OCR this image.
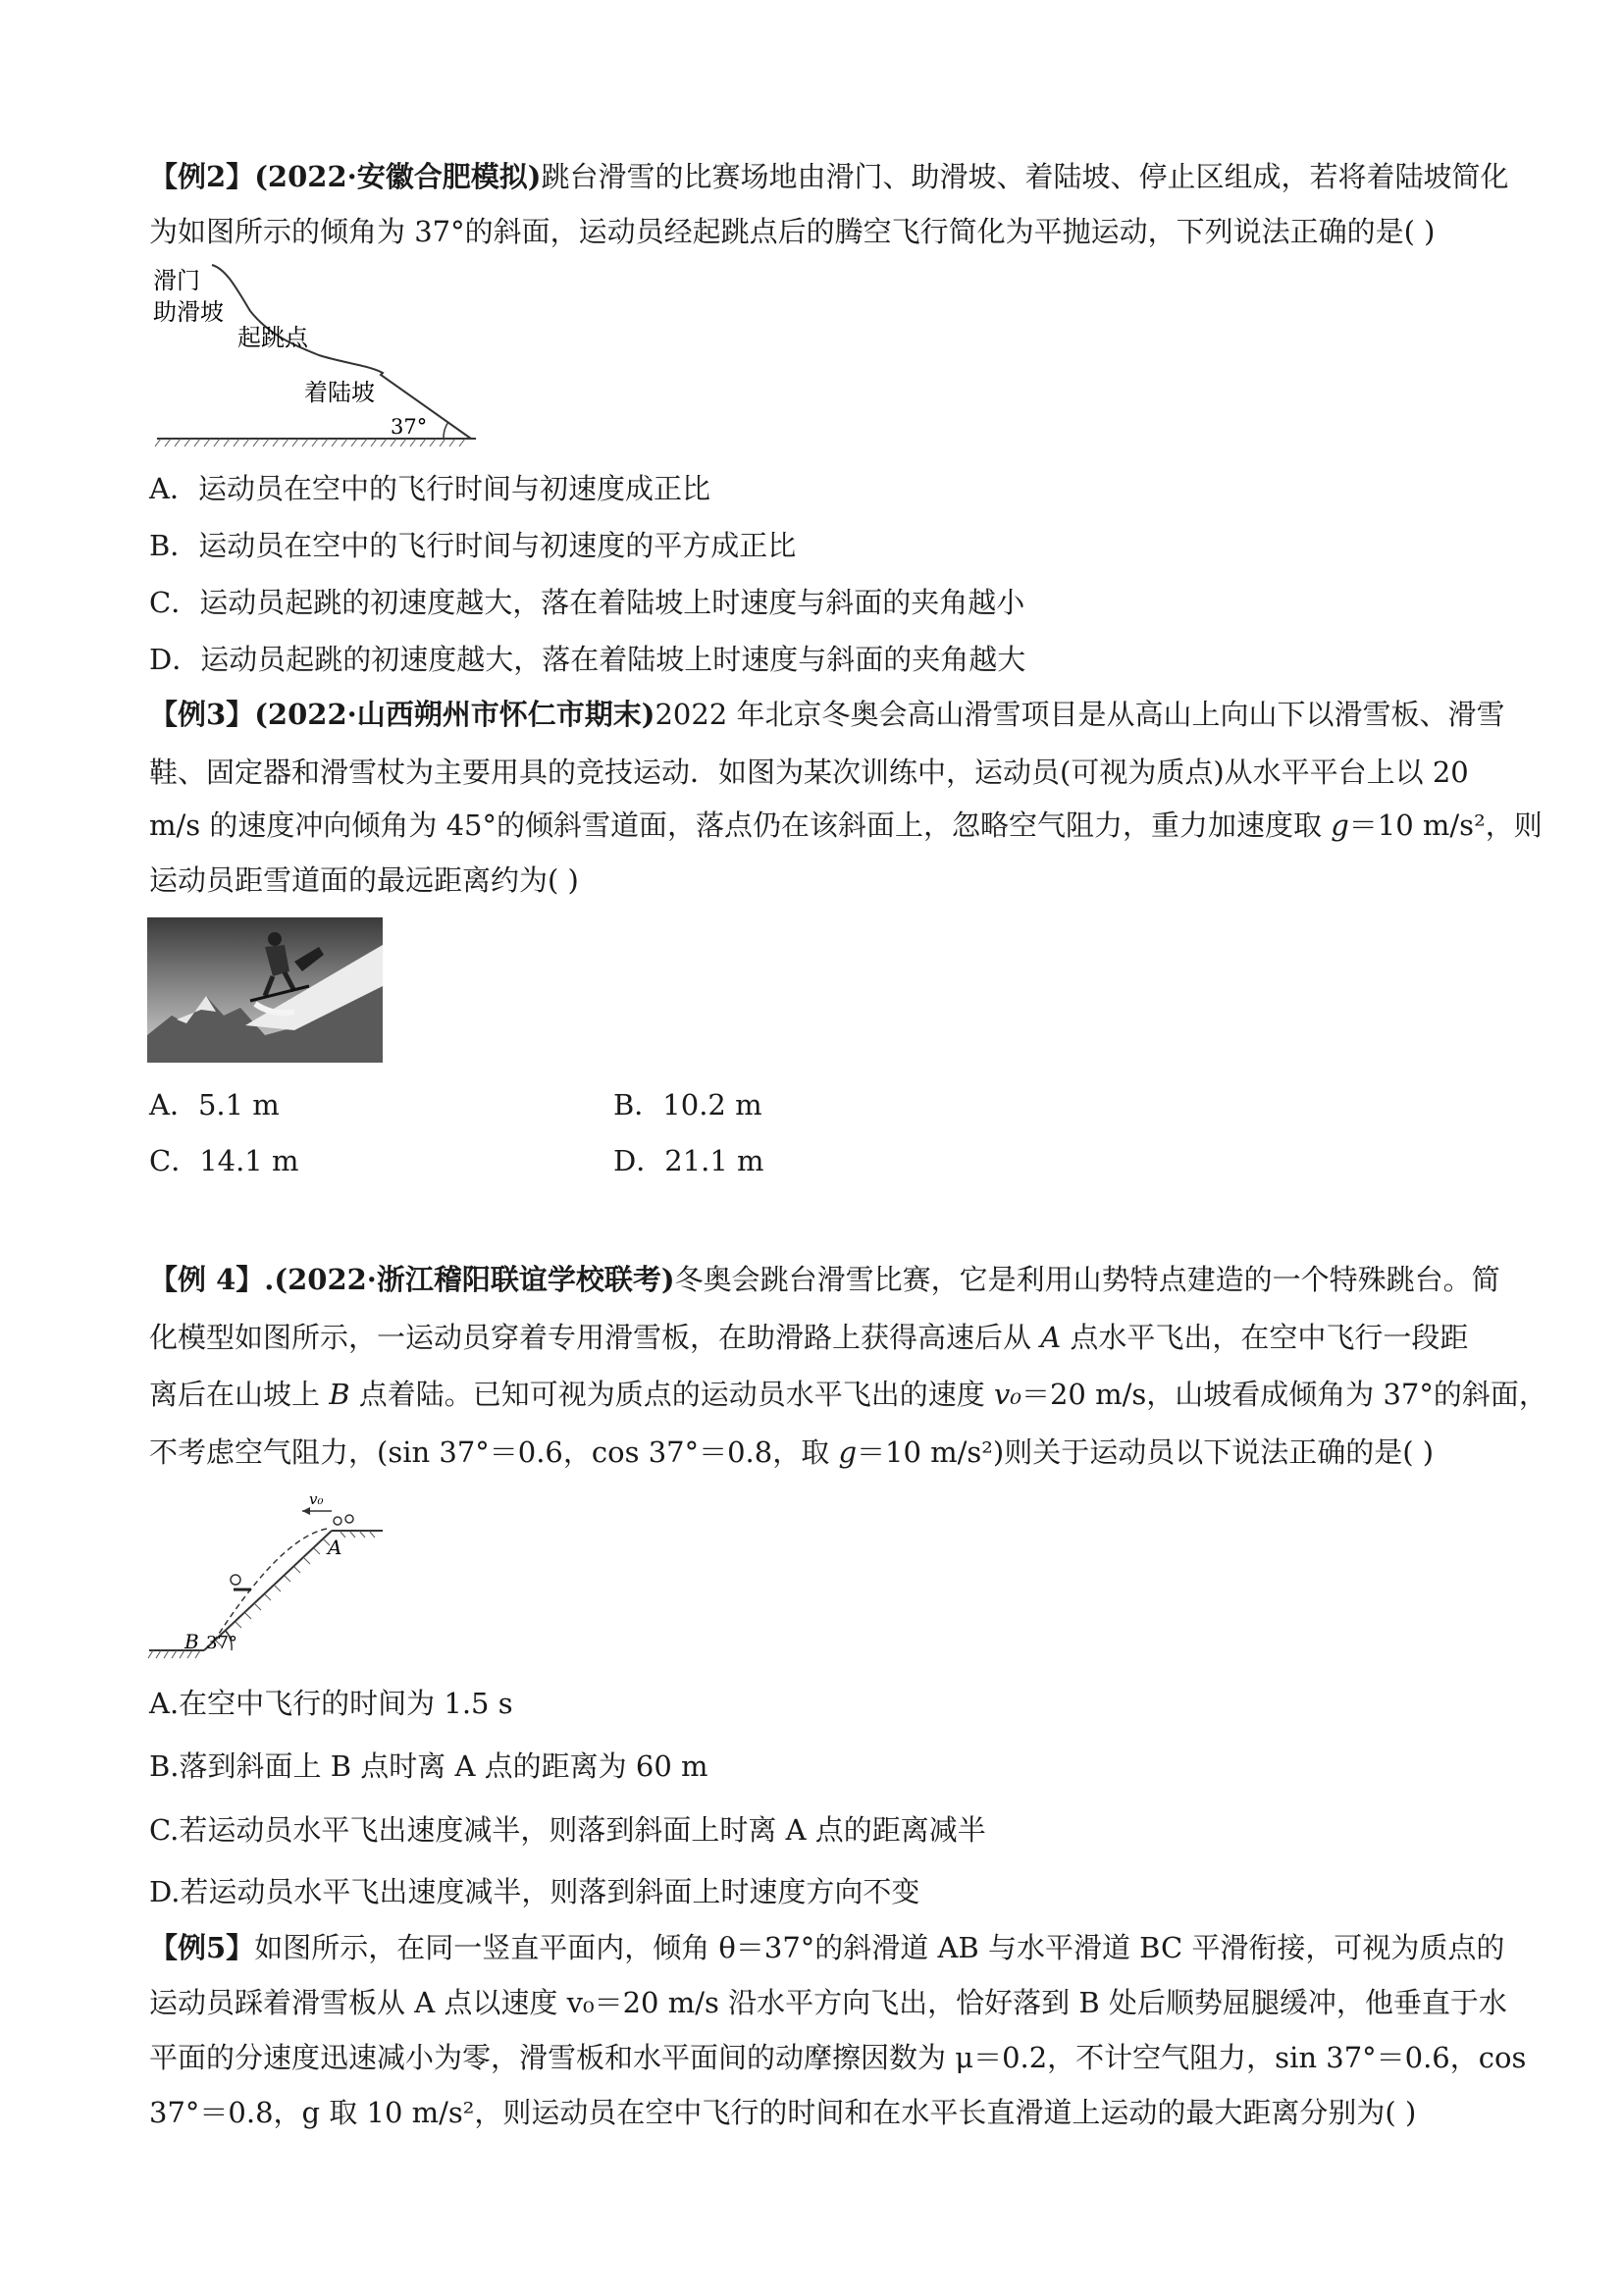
【例2】(2022·安徽合肥模拟)跳台滑雪的比赛场地由滑门、助滑坡、着陆坡、停止区组成，若将着陆坡简化
为如图所示的倾角为 37°的斜面，运动员经起跳点后的腾空飞行简化为平抛运动，下列说法正确的是( )
滑门
助滑坡
起跳点
着陆坡
37°
A．运动员在空中的飞行时间与初速度成正比
B．运动员在空中的飞行时间与初速度的平方成正比
C．运动员起跳的初速度越大，落在着陆坡上时速度与斜面的夹角越小
D．运动员起跳的初速度越大，落在着陆坡上时速度与斜面的夹角越大
【例3】(2022·山西朔州市怀仁市期末)2022 年北京冬奥会高山滑雪项目是从高山上向山下以滑雪板、滑雪
鞋、固定器和滑雪杖为主要用具的竞技运动．如图为某次训练中，运动员(可视为质点)从水平平台上以 20
m/s 的速度冲向倾角为 45°的倾斜雪道面，落点仍在该斜面上，忽略空气阻力，重力加速度取 g＝10 m/s²，则
运动员距雪道面的最远距离约为( )
A．5.1 m	B．10.2 m
C．14.1 m	D．21.1 m
【例 4】.(2022·浙江稽阳联谊学校联考)冬奥会跳台滑雪比赛，它是利用山势特点建造的一个特殊跳台。简
化模型如图所示，一运动员穿着专用滑雪板，在助滑路上获得高速后从 A 点水平飞出，在空中飞行一段距
离后在山坡上 B 点着陆。已知可视为质点的运动员水平飞出的速度 v₀＝20 m/s，山坡看成倾角为 37°的斜面，
不考虑空气阻力，(sin 37°＝0.6，cos 37°＝0.8，取 g＝10 m/s²)则关于运动员以下说法正确的是( )
v₀
A
B 37°
A.在空中飞行的时间为 1.5 s
B.落到斜面上 B 点时离 A 点的距离为 60 m
C.若运动员水平飞出速度减半，则落到斜面上时离 A 点的距离减半
D.若运动员水平飞出速度减半，则落到斜面上时速度方向不变
【例5】如图所示，在同一竖直平面内，倾角 θ＝37°的斜滑道 AB 与水平滑道 BC 平滑衔接，可视为质点的
运动员踩着滑雪板从 A 点以速度 v₀＝20 m/s 沿水平方向飞出，恰好落到 B 处后顺势屈腿缓冲，他垂直于水
平面的分速度迅速减小为零，滑雪板和水平面间的动摩擦因数为 μ＝0.2，不计空气阻力，sin 37°＝0.6，cos
37°＝0.8，g 取 10 m/s²，则运动员在空中飞行的时间和在水平长直滑道上运动的最大距离分别为( )
